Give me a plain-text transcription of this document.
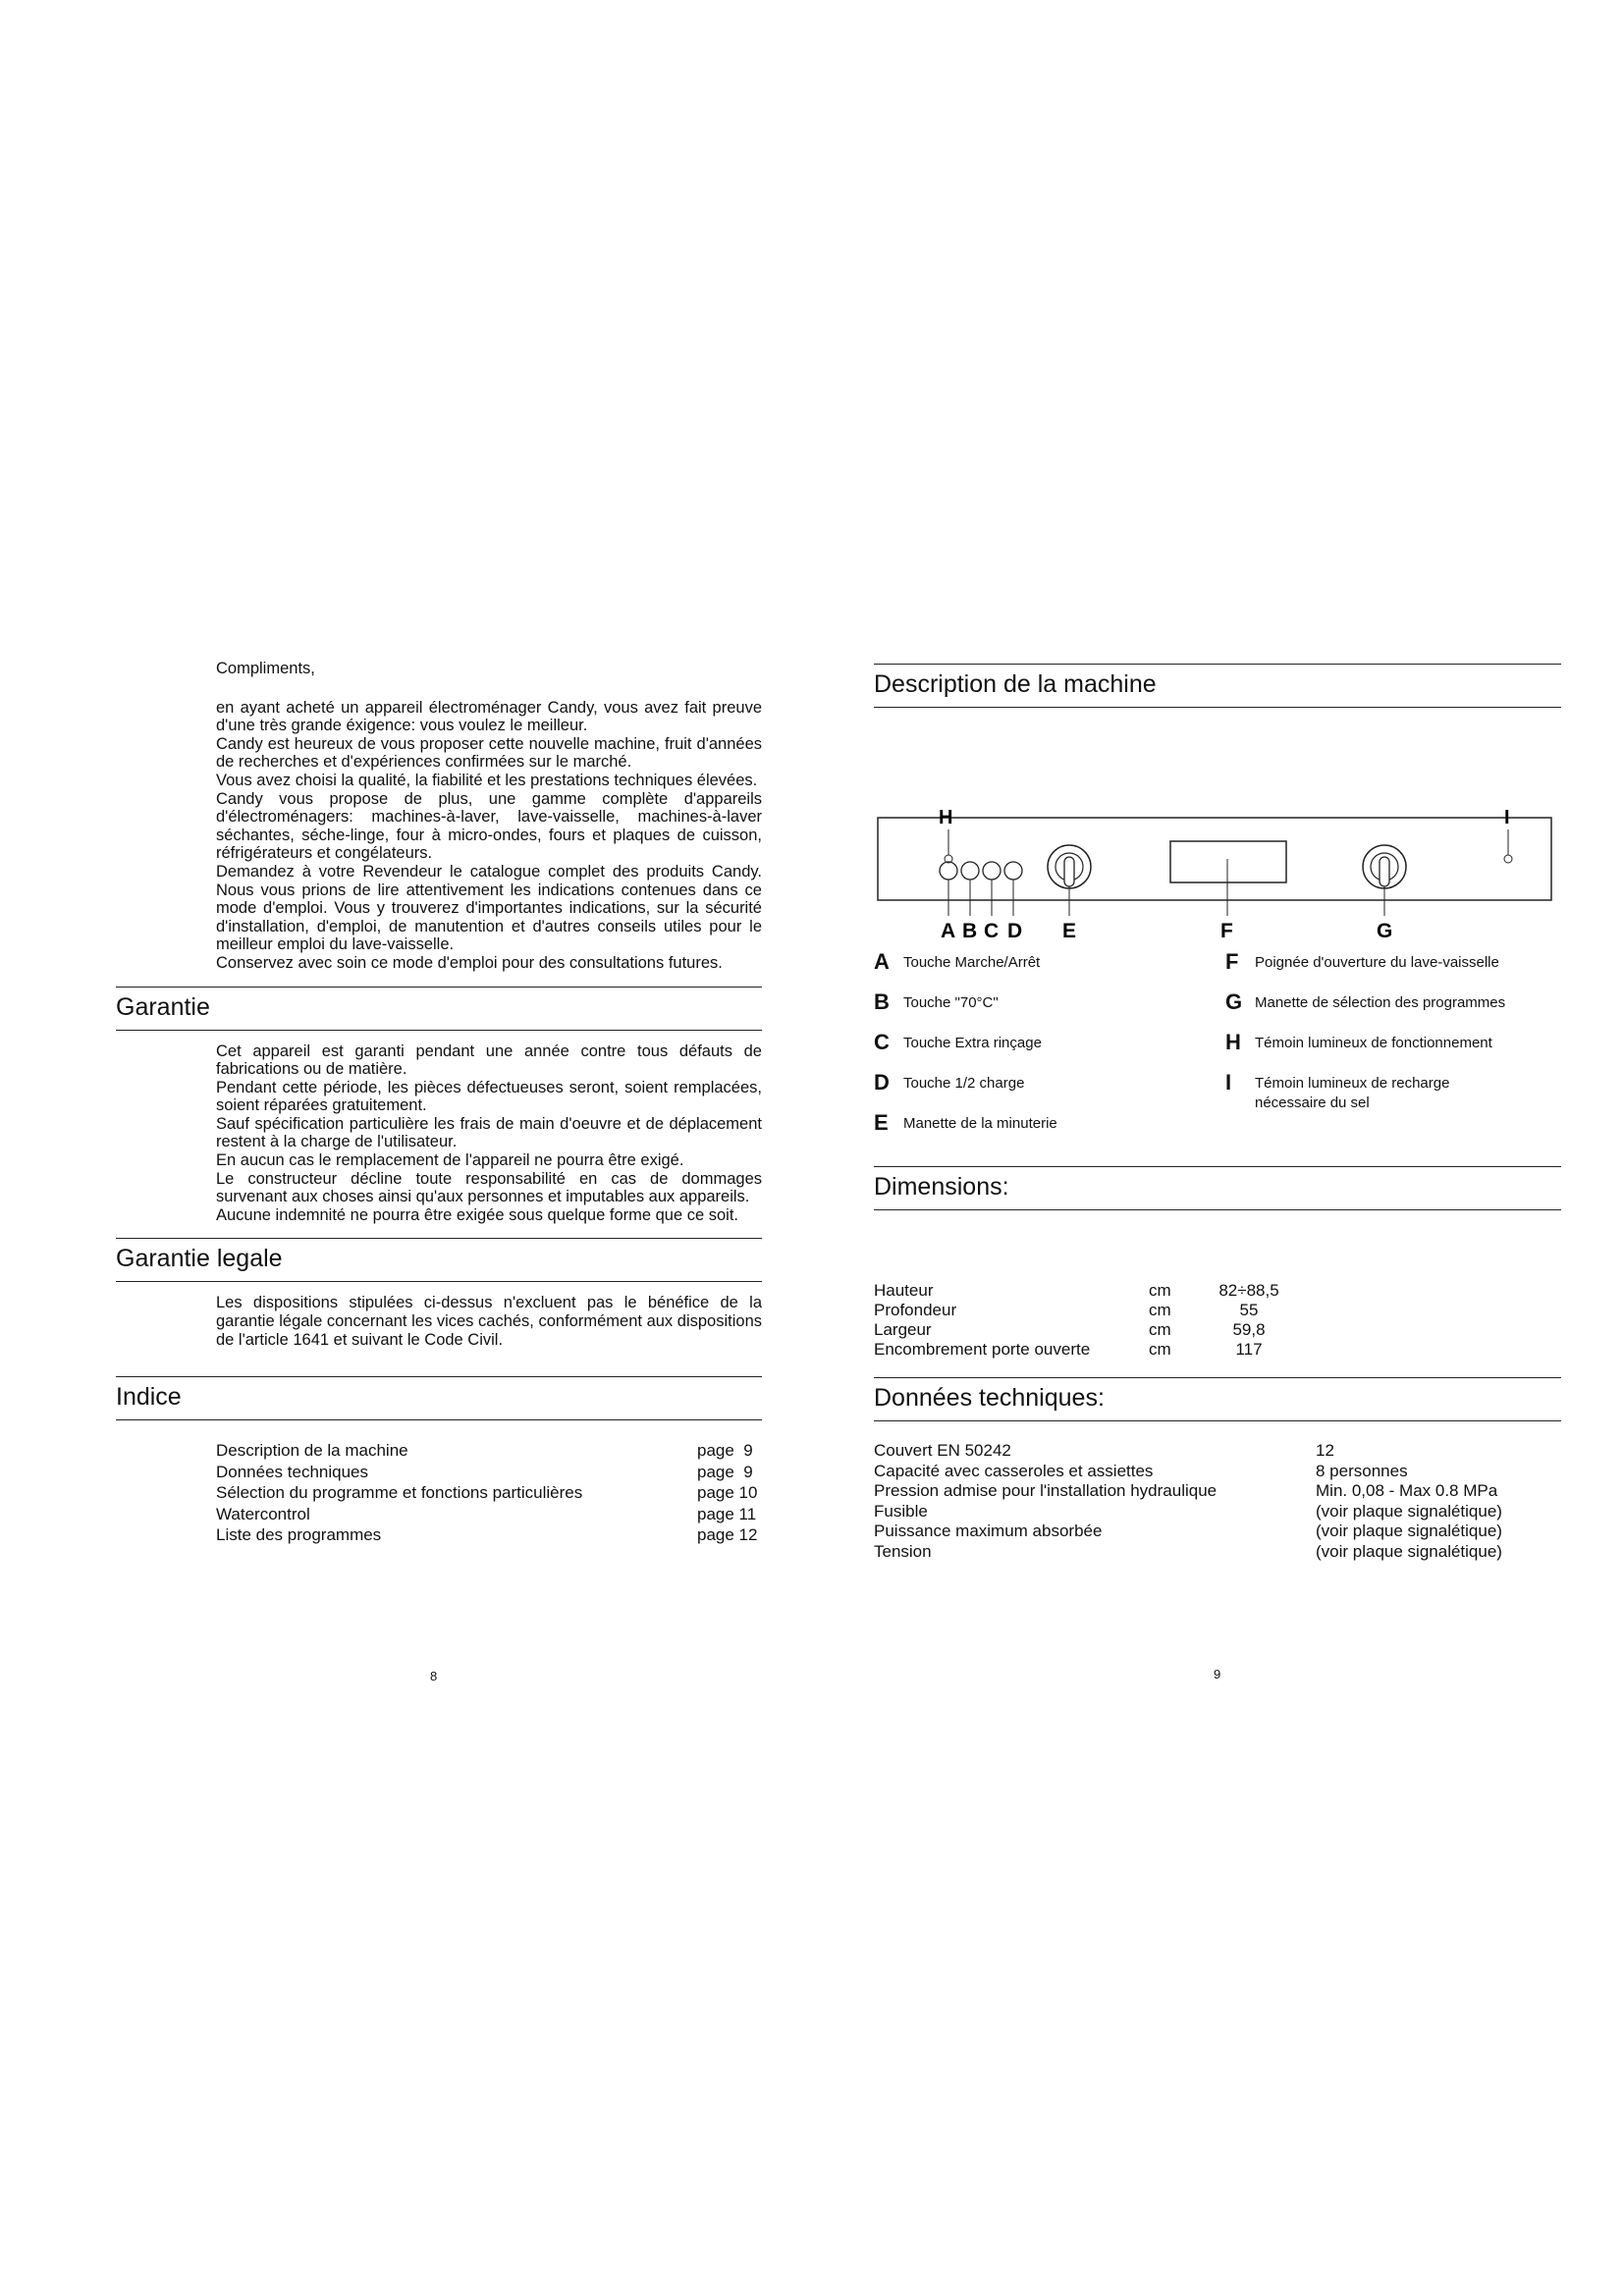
Compliments,

en ayant acheté un appareil électroménager Candy, vous avez fait preuve d'une très grande éxigence: vous voulez le meilleur.

Candy est heureux de vous proposer cette nouvelle machine, fruit d'années de recherches et d'expériences confirmées sur le marché.

Vous avez choisi la qualité, la fiabilité et les prestations techniques élevées.

Candy vous propose de plus, une gamme complète d'appareils d'électroménagers: machines-à-laver, lave-vaisselle, machines-à-laver séchantes, séche-linge, four à micro-ondes, fours et plaques de cuisson, réfrigérateurs et congélateurs.

Demandez à votre Revendeur le catalogue complet des produits Candy. Nous vous prions de lire attentivement les indications contenues dans ce mode d'emploi. Vous y trouverez d'importantes indications, sur la sécurité d'installation, d'emploi, de manutention et d'autres conseils utiles pour le meilleur emploi du lave-vaisselle.

Conservez avec soin ce mode d'emploi pour des consultations futures.

Garantie

Cet appareil est garanti pendant une année contre tous défauts de fabrications ou de matière.

Pendant cette période, les pièces défectueuses seront, soient remplacées, soient réparées gratuitement.

Sauf spécification particulière les frais de main d'oeuvre et de déplacement restent à la charge de l'utilisateur.

En aucun cas le remplacement de l'appareil ne pourra être exigé.

Le constructeur décline toute responsabilité en cas de dommages survenant aux choses ainsi qu'aux personnes et imputables aux appareils.

Aucune indemnité ne pourra être exigée sous quelque forme que ce soit.

Garantie legale

Les dispositions stipulées ci-dessus n'excluent pas le bénéfice de la garantie légale concernant les vices cachés, conformément aux dispositions de l'article 1641 et suivant le Code Civil.

Indice
Description de la machine	page  9
Données techniques	page  9
Sélection du programme et fonctions particulières	page 10
Watercontrol	page 11
Liste des programmes	page 12
8
Description de la machine
H	I
A B C D E	F	G
A Touche Marche/Arrêt	F	Poignée d'ouverture du lave-vaisselle
B Touche "70°C"	G Manette de sélection des programmes
C Touche Extra rinçage	H Témoin lumineux de fonctionnement
D Touche 1/2 charge	I	Témoin lumineux de recharge nécessaire du sel
E	Manette de la minuterie
Dimensions:
Hauteur	cm	82÷88,5
Profondeur	cm	55
Largeur	cm	59,8
Encombrement porte ouverte	cm	117
Données techniques:
Couvert EN 50242	12
Capacité avec casseroles et assiettes	8 personnes
Pression admise pour l'installation hydraulique	Min. 0,08 - Max 0.8 MPa
Fusible	(voir plaque signalétique)
Puissance maximum absorbée	(voir plaque signalétique)
Tension	(voir plaque signalétique)
9
